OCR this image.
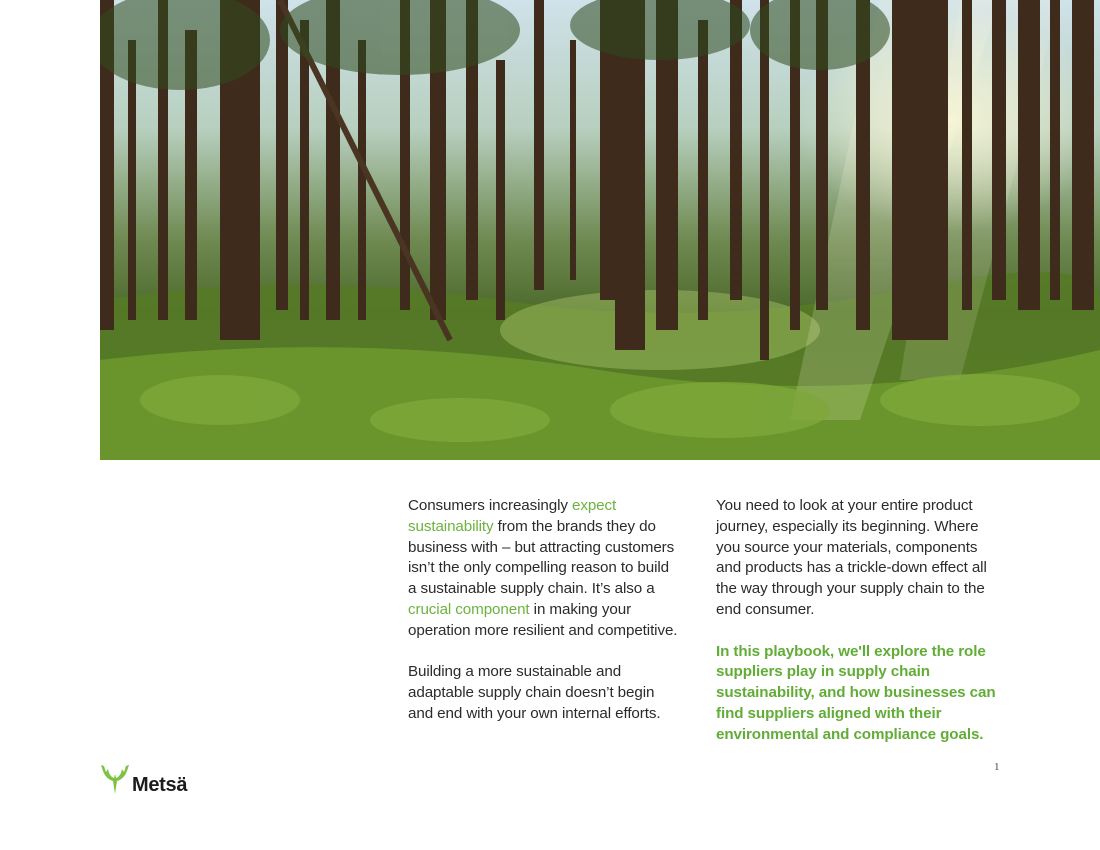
Consumers increasingly expect sustainability from the brands they do business with – but attracting customers isn’t the only compelling reason to build a sustainable supply chain. It’s also a crucial component in making your operation more resilient and competitive.

Building a more sustainable and adaptable supply chain doesn’t begin and end with your own internal efforts.

You need to look at your entire product journey, especially its beginning. Where you source your materials, components and products has a trickle-down effect all the way through your supply chain to the end consumer.

In this playbook, we'll explore the role suppliers play in supply chain sustainability, and how businesses can find suppliers aligned with their environmental and compliance goals.

Metsä
1
